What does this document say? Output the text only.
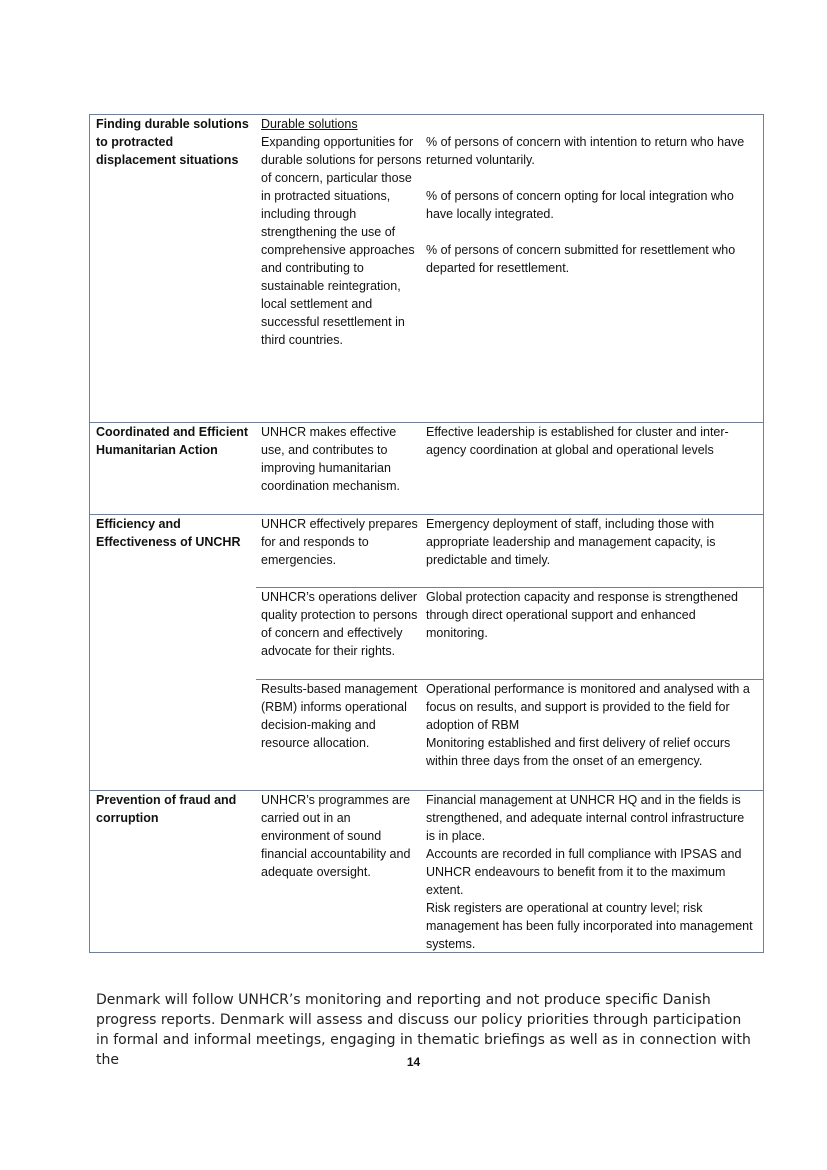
Finding durable solutions to protracted displacement situations
Durable solutions
Expanding opportunities for durable solutions for persons of concern, particular those in protracted situations, including through strengthening the use of comprehensive approaches and contributing to sustainable reintegration, local settlement and successful resettlement in third countries.
% of persons of concern with intention to return who have returned voluntarily.
% of persons of concern opting for local integration who have locally integrated.
% of persons of concern submitted for resettlement who departed for resettlement.
Coordinated and Efficient Humanitarian Action
UNHCR makes effective use, and contributes to improving humanitarian coordination mechanism.
Effective leadership is established for cluster and inter-agency coordination at global and operational levels
Efficiency and Effectiveness of UNCHR
UNHCR effectively prepares for and responds to emergencies.
Emergency deployment of staff, including those with appropriate leadership and management capacity, is predictable and timely.
UNHCR’s operations deliver quality protection to persons of concern and effectively advocate for their rights.
Global protection capacity and response is strengthened through direct operational support and enhanced monitoring.
Results-based management (RBM) informs operational decision-making and resource allocation.
Operational performance is monitored and analysed with a focus on results, and support is provided to the field for adoption of RBM
Monitoring established and first delivery of relief occurs within three days from the onset of an emergency.
Prevention of fraud and corruption
UNHCR’s programmes are carried out in an environment of sound financial accountability and adequate oversight.
Financial management at UNHCR HQ and in the fields is strengthened, and adequate internal control infrastructure is in place.
Accounts are recorded in full compliance with IPSAS and UNHCR endeavours to benefit from it to the maximum extent.
Risk registers are operational at country level; risk management has been fully incorporated into management systems.

Denmark will follow UNHCR’s monitoring and reporting and not produce specific Danish progress reports. Denmark will assess and discuss our policy priorities through participation in formal and informal meetings, engaging in thematic briefings as well as in connection with the	14
